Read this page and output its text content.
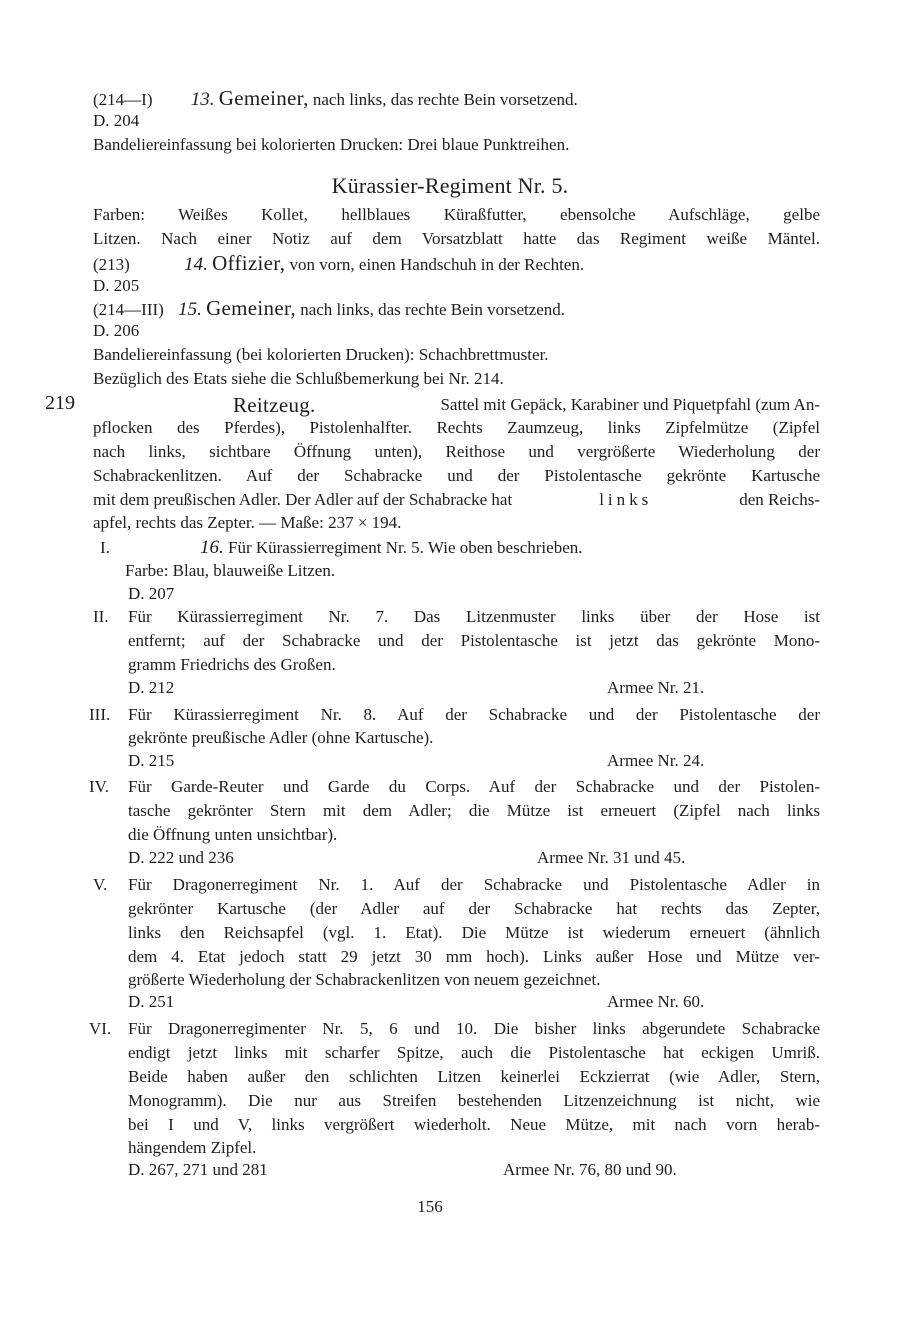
(214—I) 13. Gemeiner, nach links, das rechte Bein vorsetzend.
D. 204
Bandeliereinfassung bei kolorierten Drucken: Drei blaue Punktreihen.
Kürassier-Regiment Nr. 5.
Farben: Weißes Kollet, hellblaues Küraßfutter, ebensolche Aufschläge, gelbe
Litzen. Nach einer Notiz auf dem Vorsatzblatt hatte das Regiment weiße Mäntel.
(213)	14. Offizier, von vorn, einen Handschuh in der Rechten.
D. 205
(214—III) 15. Gemeiner, nach links, das rechte Bein vorsetzend.
D. 206
Bandeliereinfassung (bei kolorierten Drucken): Schachbrettmuster.
Bezüglich des Etats siehe die Schlußbemerkung bei Nr. 214.
219	Reitzeug.	Sattel mit Gepäck, Karabiner und Piquetpfahl (zum An-
pflocken des Pferdes), Pistolenhalfter. Rechts Zaumzeug, links Zipfelmütze (Zipfel
nach links, sichtbare Öffnung unten), Reithose und vergrößerte Wiederholung der
Schabrackenlitzen. Auf der Schabracke und der Pistolentasche gekrönte Kartusche
mit dem preußischen Adler. Der Adler auf der Schabracke hat	links	den Reichs-
apfel, rechts das Zepter. — Maße: 237 × 194.
I.	16. Für Kürassierregiment Nr. 5. Wie oben beschrieben.
Farbe: Blau, blauweiße Litzen.
D. 207
II. Für Kürassierregiment Nr. 7. Das Litzenmuster links über der Hose ist
entfernt; auf der Schabracke und der Pistolentasche ist jetzt das gekrönte Mono-
gramm Friedrichs des Großen.
D. 212	Armee Nr. 21.
III. Für Kürassierregiment Nr. 8. Auf der Schabracke und der Pistolentasche der
gekrönte preußische Adler (ohne Kartusche).
D. 215	Armee Nr. 24.
IV. Für Garde-Reuter und Garde du Corps. Auf der Schabracke und der Pistolen-
tasche gekrönter Stern mit dem Adler; die Mütze ist erneuert (Zipfel nach links
die Öffnung unten unsichtbar).
D. 222 und 236	Armee Nr. 31 und 45.
V. Für Dragonerregiment Nr. 1. Auf der Schabracke und Pistolentasche Adler in
gekrönter Kartusche (der Adler auf der Schabracke hat rechts das Zepter,
links den Reichsapfel (vgl. 1. Etat). Die Mütze ist wiederum erneuert (ähnlich
dem 4. Etat jedoch statt 29 jetzt 30 mm hoch). Links außer Hose und Mütze ver-
größerte Wiederholung der Schabrackenlitzen von neuem gezeichnet.
D. 251	Armee Nr. 60.
VI. Für Dragonerregimenter Nr. 5, 6 und 10. Die bisher links abgerundete Schabracke
endigt jetzt links mit scharfer Spitze, auch die Pistolentasche hat eckigen Umriß.
Beide haben außer den schlichten Litzen keinerlei Eckzierrat (wie Adler, Stern,
Monogramm). Die nur aus Streifen bestehenden Litzenzeichnung ist nicht, wie
bei I und V, links vergrößert wiederholt. Neue Mütze, mit nach vorn herab-
hängendem Zipfel.
D. 267, 271 und 281	Armee Nr. 76, 80 und 90.
156
